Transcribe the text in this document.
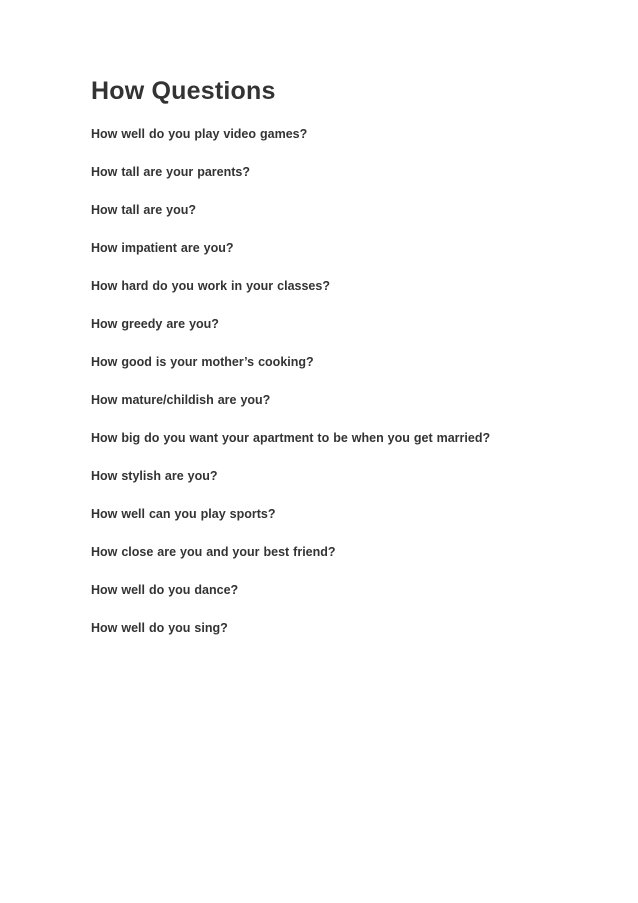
How Questions
How well do you play video games?
How tall are your parents?
How tall are you?
How impatient are you?
How hard do you work in your classes?
How greedy are you?
How good is your mother’s cooking?
How mature/childish are you?
How big do you want your apartment to be when you get married?
How stylish are you?
How well can you play sports?
How close are you and your best friend?
How well do you dance?
How well do you sing?
